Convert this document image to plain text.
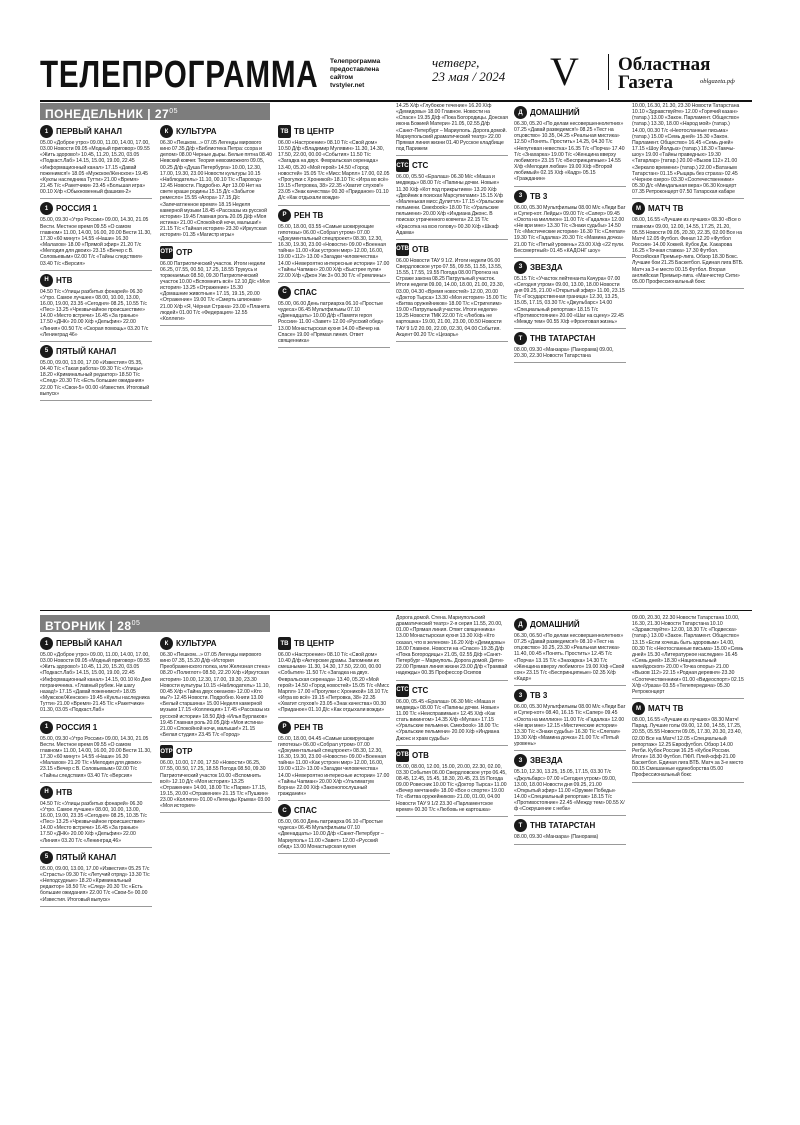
ТЕЛЕПРОГРАММА Телепрограмма
предоставлена
сайтом
tvstyler.net
четверг,
23 мая / 2024 V Областная
Газета	oblgazeta.рф
ПОНЕДЕЛЬНИК | $27^{05}$
ВТОРНИК | $28^{05}$
1 ПЕРВЫЙ КАНАЛ
05.00 «Доброе утро» 09.00, 11.00, 14.00, 17.00, 03.00 Новости 09.05 «Модный приговор» 09.55 «Жить здорово!» 10.45, 11.20, 15.20, 03.05 «Подкаст.Лаб» 14.15, 15.00, 19.00, 22.45 «Информационный канал» 17.15 «Давай поженимся!» 18.05 «Мужское/Женское» 19.45 «Куклы наследника Тутти» 21.00 «Время» 21.45 Т/с «Ракетчики» 23.45 «Большая игра» 00.10 Х/ф «Обыкновенный фашизм-2»
1 РОССИЯ 1
05.00, 09.30 «Утро России» 09.00, 14.30, 21.05 Вести. Местное время 09.55 «О самом главном» 11.00, 14.00, 16.00, 20.00 Вести 11.30, 17.30 «60 минут» 14.55 «Наши» 16.30 «Малахов» 18.00 «Прямой эфир» 21.20 Т/с «Мелодия для двоих» 23.15 «Вечер с В. Соловьевым» 02.00 Т/с «Тайны следствия» 03.40 Т/с «Версия»
Н НТВ
04.50 Т/с «Улицы разбитых фонарей» 06.30 «Утро. Самое лучшее» 08.00, 10.00, 13.00, 16.00, 19.00, 23.35 «Сегодня» 08.25, 10.55 Т/с «Пес» 13.25 «Чрезвычайное происшествие» 14.00 «Место встречи» 16.45 «За гранью» 17.50 «ДНК» 20.00 Х/ф «Дельфин» 22.00 «Линия» 00.50 Т/с «Скорая помощь» 03.20 Т/с «Ленинград 46»
5 ПЯТЫЙ КАНАЛ
05.00, 09.00, 13.00, 17.00 «Известия» 05.35, 04.40 Т/с «Такая работа» 09.30 Т/с «Улицы» 18.20 «Криминальный редактор» 18.50 Т/с «След» 20.30 Т/с «Есть большие ожидания» 22.00 Т/с «Свои-5» 00.00 «Известия. Итоговый выпуск»
К КУЛЬТУРА
06.30 «Пешком...» 07.05 Легенды мирового кино 07.35 Д/ф «Библиотека Петра: ссора и делом» 08.00 Черные дыры. Белые пятна 08.40 Невский ковчег. Теория невозможного 09.05, 00.25 Д/ф «Душа Петербурга» 10.00, 12.30, 17.00, 19.30, 23.00 Новости культуры 10.15 «Наблюдатель» 11.10, 00.10 Т/с «Пароход» 12.45 Новости. Подробно. Арт 13.00 Нет на свете краше родины 15.15 Д/с «Забытое ремесло» 15.55 «Агора» 17.15 Д/с «Запечатленное время» 18.15 Неделя камерной музыки 18.45 «Рассказы из русской истории» 19.45 Главная роль 20.05 Д/ф «Моя истина» 21.00 «Спокойной ночи, малыши!» 21.15 Т/с «Тайная история» 23.30 «Иркутская история» 01.35 «Магистр игры»
ОТР ОТР
06.00 Патриотический участок. Итоги недели 06.25, 07.55, 00.50, 17.25, 18.55 Трукусь и торжнаемых 08.50, 09.30 Патриотический участок 10.00 «Вспомнить всё» 12.10 Д/с «Моя история» 13.25 «Отражение» 15.30 «Домашние животные» 17.15, 19.15, 20.00 «Отражение» 19.00 Т/с «Смерть шпионам» 21.00 Х/ф «Я, Чёрная Страна» 23.00 «Планета людей» 01.00 Т/с «Федерация» 12.55 «Коллеги»
ТВ ТВ ЦЕНТР
06.00 «Настроение» 08.10 Т/с «Свой дом» 10.50 Д/ф «Владимир Мулявин» 11.30, 14.30, 17.50, 22.00, 00.00 «События» 11.50 Т/с «Загадка на двух. Февральская серенада» 13.40, 05.20 «Мой герой» 14.50 «Город новостей» 15.05 Т/с «Мисс Марпл» 17.00, 02.05 «Прогулки с Хроникой» 18.10 Т/с «Игра во всё» 19.15 «Петровка, 38» 22.35 «Хватит слухов!» 23.05 «Знак качества» 00.30 «Приданое» 01.10 Д/с «Как отдыхали вожди»
Р РЕН ТВ
05.00, 18.00, 03.55 «Самые шокирующие гипотезы» 06.00 «Собрал утром» 07.00 «Документальный спецпроект» 08.30, 12.30, 16.30, 19.30, 23.00 «Новости» 09.00 «Военная тайна» 11.00 «Как устроен мир» 12.00, 16.00, 19.00 «112» 13.00 «Загадки человечества» 14.00 «Невероятно интересные истории» 17.00 «Тайны Чапман» 20.00 Х/ф «Быстрее пули» 22.00 Х/ф «Джон Уик 3» 00.30 Т/с «Гремлины»
С СПАС
05.00, 06.00 День патриарха 06.10 «Простые чудеса» 06.45 Мультфильмы 07.10 «Двенадцать» 10.00 Д/ф «Памяти героя России» 11.00 «Завет» 12.00 «Русский обед» 13.00 Монастырская кухня 14.00 «Вечер на Спасе» 19.00 «Прямая линия. Ответ священника»
14.25 Х/ф «Глубокое течение» 16.20 Х/ф «Демидовы» 18.00 Главное. Новости на «Спасе» 19.35 Д/ф «Пока Богородицы. Донская икона Божией Матери» 21.05, 02.55 Д/ф «Санкт-Петербург – Мариуполь. Дорога домой. Мариупольский драматический театр» 22.00 Прямая линия жизни 01.40 Русское кладбище под Парижем
СТС СТС
06.00, 05.50 «Ералаш» 06.30 М/с «Маша и медведь» 08.00 Т/с «Папины дочки. Новые» 11.30 Х/ф «Кот под прикрытием» 13.20 Х/ф «Двойник в поисках Марсупилами» 15.15 Х/ф «Маленькая мисс Дулиттл» 17.15 «Уральские пельмени. Смехbook» 18.00 Т/с «Уральские пельмени» 20.00 Х/ф «Индиана Джонс. В поисках утраченного ковчега» 22.15 Т/с «Красотка на всю голову» 00.30 Х/ф «Шкаф Адама»
ОТВ ОТВ
06.00 Новости ТАУ 9 1/2. Итоги недели 06.00 Свердловское утро 07.55, 09.55, 11.55, 13.55, 15.55, 17.55, 19.55 Погода 08.00 Прогноз на Страже закона 08.25 Патрульный участок. Итоги недели 09.00, 14.00, 18.00, 21.00, 23.30, 03.00, 04.30 «Время новостей» 12.00, 20.00 «Доктор Тырса» 13.30 «Моя история» 15.00 Т/с «Битва оружейников» 18.00 Т/с «Стригелим» 19.00 «Патрульный участок. Итоги недели» 19.25 Новости ТМК 22.00 Т/с «Любовь не картошка» 19.00, 21.00, 23.00, 00.50 Новости ТАУ 9 1/2 20.00, 22.00, 02.30, 04.00 События. Акцент 00.20 Т/с «Цезарь»
Д ДОМАШНИЙ
06.30, 05.20 «По делам несовершеннолетних» 07.25 «Давай разведемся!» 08.25 «Тест на отцовство» 10.35, 04.25 «Реальная мистика» 12.50 «Понять. Простить» 14.25, 04.30 Т/с «Непутевая невестка» 16.35 Т/с «Порча» 17.40 Т/с «Знахарка» 19.00 Т/с «Женщина вверху любимого» 23.15 Т/с «Беспринципные» 14.55 Х/ф «Мелодия любви» 19.00 Х/ф «Второй любимый» 02.15 Х/ф «Кадр» 05.15 «Гражданин»
3 ТВ 3
06.00, 05.30 Мультфильмы 08.00 М/с «Леди Баг и Супер-кот. Лейды» 09.00 Т/с «Сапер» 09.45 «Охота на миллион» 11.00 Т/с «Гадалка» 12.00 «Не ври мне» 13.30 Т/с «Знаки судьбы» 14.50 Т/с «Мистические истории» 16.30 Т/с «Слепая» 19.30 Т/с «Гадалка» 20.30 Т/с «Мамина дочка» 21.00 Т/с «Пятый уровень» 23.00 Х/ф «22 пули. Бессмертный» 01.45 «КАДОНГ шоу»
З ЗВЕЗДА
05.15 Т/с «Участок лейтенанта Качура» 07.00 «Сегодня утром» 09.00, 13.00, 18.00 Новости дня 09.25, 21.00 «Открытый эфир» 11.00, 23.15 Т/с «Государственная граница» 12.30, 13.25, 15.05, 17.15, 03.30 Т/с «Джульбарс» 14.00 «Специальный репортаж» 18.15 Т/с «Противостояние» 20.00 «Шаг на сцену» 22.45 «Между тем» 00.55 Х/ф «Фронтовая жизнь»
Т ТНВ ТАТАРСТАН
08.00, 09.30 «Манзара» (Панорама) 09.00, 20.30, 22.30 Новости Татарстана
10.00, 16.30, 21.30, 23.30 Новости Татарстана 10.10 «Здравствуйте» 12.00 «Горячий казан» (татар.) 13.00 «Закон. Парламент. Общество» (татар.) 13.30, 18.00 «Народ мой» (татар.) 14.00, 00.30 Т/с «Неотосланные письма» (татар.) 15.00 «Семь дней» 15.30 «Закон. Парламент. Общество» 16.45 «Семь дней» 17.15 «Шоу Йолдыз» (татар.) 18.30 «Тамчы-шоу» 19.00 «Тайны праведных» 19.30 «Татарлар» (татар.) 20.00 «Вызов 112» 21.00 «Зеркало времени» (татар.) 22.00 «Ватаным Татарстан» 01.15 «Рыцарь без страха» 02.45 «Черное озеро» 03.30 «Соотечественники» 05.30 Д/с «Миндальная вера» 06.30 Концерт 07.35 Ретроконцерт 07.50 Татарская кабаре
М МАТЧ ТВ
08.00, 16.55 «Лучшие из лучших» 08.30 «Все о главном» 09.00, 12.00, 14.55, 17.25, 21.20, 05.55 Новости 09.05, 20.30, 22.35, 02.00 Все на Матч! 12.05 Футбол. Финал 12.20 «Футбол России» 14.00 Хоккей. Кубок Дж. Хакарова 16.25 «Точная ставка» 17.30 Футбол. Российская Премьер-лига. Обзор 18.30 Бокс. Лучшие бои 21.25 Баскетбол. Единая лига ВТБ. Матч за 3-е место 00.15 Футбол. Вторая английская Премьер-лига. «Манчестер Сити» 05.00 Профессиональный бокс
1 ПЕРВЫЙ КАНАЛ
05.00 «Доброе утро» 09.00, 11.00, 14.00, 17.00, 03.00 Новости 09.05 «Модный приговор» 09.55 «Жить здорово!» 10.45, 11.20, 15.20, 03.05 «Подкаст.Лаб» 14.15, 15.00, 19.00, 22.45 «Информационный канал» 14.15, 00.10 Ко Дню пограничника. «Главный рубеж. Ни шагу назад!» 17.15 «Давай поженимся!» 18.05 «Мужское/Женское» 19.45 «Куклы наследника Тутти» 21.00 «Время» 21.45 Т/с «Ракетчики» 01.30, 03.05 «Подкаст.Лаб»
1 РОССИЯ 1
05.00, 09.30 «Утро России» 09.00, 14.30, 21.05 Вести. Местное время 09.55 «О самом главном» 11.00, 14.00, 16.00, 20.00 Вести 11.30, 17.30 «60 минут» 14.55 «Наши» 16.30 «Малахов» 21.20 Т/с «Мелодия для двоих» 23.15 «Вечер с В. Соловьевым» 02.00 Т/с «Тайны следствия» 03.40 Т/с «Версия»
Н НТВ
04.50 Т/с «Улицы разбитых фонарей» 06.30 «Утро. Самое лучшее» 08.00, 10.00, 13.00, 16.00, 19.00, 23.35 «Сегодня» 08.25, 10.35 Т/с «Пес» 13.25 «Чрезвычайное происшествие» 14.00 «Место встречи» 16.45 «За гранью» 17.50 «ДНК» 20.00 Х/ф «Дельфин» 22.00 «Линия» 03.20 Т/с «Ленинград 46»
5 ПЯТЫЙ КАНАЛ
05.00, 09.00, 13.00, 17.00 «Известия» 05.25 Т/с «Страсть» 09.30 Т/с «Летучий отряд» 13.30 Т/с «Неподсудные» 18.20 «Криминальный редактор» 18.50 Т/с «След» 20.30 Т/с «Есть большие ожидания» 22.00 Т/с «Свои-5» 00.00 «Известия. Итоговый выпуск»
К КУЛЬТУРА
06.30 «Пешком...» 07.05 Легенды мирового кино 07.35, 15.20 Д/ф «История Преображенского полка, или Железная стена» 08.20 «Полиглот» 08.50, 22.20 Х/ф «Иркутская история» 10.00, 12.30, 17.00, 19.30, 23.30 Новости культуры 10.15 «Наблюдатель» 11.10, 00.45 Х/ф «Тайна двух океанов» 12.00 «Кто мы?» 12.45 Новости. Подробно. Книги 13.00 «Белый старшина» 15.00 Неделя камерной музыки 17.15 «Коллекция» 17.45 «Рассказы из русской истории» 18.50 Д/ф «Илья Бурлаков» 19.45 Главная роль 20.05 Д/ф «Моя истина» 21.00 «Спокойной ночи, малыши!» 21.15 «Белая студия» 23.45 Т/с «Город»
ОТР ОТР
06.00, 10.00, 17.00, 17.50 «Новости» 06.25, 07.55, 00.50, 17.25, 18.55 Погода 08.50, 09.30 Патриотический участок 10.00 «Вспомнить всё» 12.10 Д/с «Моя история» 13.25 «Отражение» 14.00, 18.00 Т/с «Парки» 17.15, 19.15, 20.00 «Отражение» 21.15 Т/с «Пушкин» 23.00 «Коллеги» 01.00 «Легенды Крыма» 03.00 «Моя история»
ТВ ТВ ЦЕНТР
06.00 «Настроение» 08.10 Т/с «Свой дом» 10.40 Д/ф «Актерские драмы. Запомним их смешными» 11.30, 14.30, 17.50, 22.00, 00.00 «События» 11.50 Т/с «Загадка на двух. Февральская серенада» 13.40, 05.20 «Мой герой» 14.50 «Город новостей» 15.05 Т/с «Мисс Марпл» 17.00 «Прогулки с Хроникой» 18.10 Т/с «Игра во всё» 19.15 «Петровка, 38» 22.35 «Хватит слухов!» 23.05 «Знак качества» 00.30 «Приданое» 01.10 Д/с «Как отдыхали вожди»
Р РЕН ТВ
05.00, 18.00, 04.45 «Самые шокирующие гипотезы» 06.00 «Собрал утром» 07.00 «Документальный спецпроект» 08.30, 12.30, 16.30, 19.30, 23.00 «Новости» 09.00 «Военная тайна» 11.00 «Как устроен мир» 12.00, 16.00, 19.00 «112» 13.00 «Загадки человечества» 14.00 «Невероятно интересные истории» 17.00 «Тайны Чапман» 20.00 Х/ф «Ультиматум Борна» 22.00 Х/ф «Законопослушный гражданин»
С СПАС
05.00, 06.00 День патриарха 06.10 «Простые чудеса» 06.45 Мультфильмы 07.10 «Двенадцать» 10.00 Д/ф «Санкт-Петербург – Мариуполь» 11.00 «Завет» 12.00 «Русский обед» 13.00 Монастырская кухня
Дорога домой. Стена. Мариупольский драматический театр» 2-я серия 11.55, 20.00, 01.00 «Прямая линия. Ответ священника» 13.00 Монастырская кухня 13.30 Х/ф «Кто сказал, что в зеленом» 16.20 Х/ф «Демидовы» 18.00 Главное. Новости на «Спасе» 19.35 Д/ф «Пока Богородицы» 21.05, 02.55 Д/ф «Санкт-Петербург – Мариуполь. Дорога домой. Дети» 22.00 Прямая линия жизни 23.00 Д/ф «Трамвай надежды» 00.35 Профессор Осипов
СТС СТС
06.00, 05.45 «Ералаш» 06.30 М/с «Маша и медведь» 08.00 Т/с «Папины дочки. Новые» 11.00 Т/с «Неисправимые» 12.45 Х/ф «Как стать викингом» 14.35 Х/ф «Мулан» 17.15 «Уральские пельмени. Смехbook» 18.00 Т/с «Уральские пельмени» 20.00 Х/ф «Индиана Джонс и храм судьбы»
ОТВ ОТВ
05.00, 08.00, 12.00, 15.00, 20.00, 22.30, 02.00, 03.30 События 06.00 Свердловское утро 06.45, 08.45, 12.45, 15.45, 18.30, 20.45, 23.15 Погода 09.00 Ровесник 10.00 Т/с «Доктор Тырса» 11.00 «Вечер мечтаний» 18.00 «Все о спорте» 19.00 Т/с «Битва оружейников» 21.00, 01.00, 04.00 Новости ТАУ 9 1/2 23.30 «Парламентское время» 00.30 Т/с «Любовь не картошка»
Д ДОМАШНИЙ
06.30, 06.50 «По делам несовершеннолетних» 07.25 «Давай разведемся!» 08.10 «Тест на отцовство» 10.25, 23.30 «Реальная мистика» 11.40, 00.45 «Понять. Простить» 12.45 Т/с «Порча» 13.15 Т/с «Знахарка» 14.30 Т/с «Женщина вверху любимого» 19.00 Х/ф «Свой сон» 23.15 Т/с «Беспринципные» 02.35 Х/ф «Кадр»
3 ТВ 3
06.00, 05.30 Мультфильмы 08.00 М/с «Леди Баг и Супер-кот» 08.40, 16.15 Т/с «Сапер» 09.45 «Охота на миллион» 11.00 Т/с «Гадалка» 12.00 «Не ври мне» 12.15 «Мистические истории» 13.30 Т/с «Знаки судьбы» 16.30 Т/с «Слепая» 19.30 Х/ф «Мамина дочка» 21.00 Т/с «Пятый уровень»
З ЗВЕЗДА
05.10, 12.30, 13.25, 15.05, 17.15, 03.30 Т/с «Джульбарс» 07.00 «Сегодня утром» 09.00, 13.00, 18.00 Новости дня 09.25, 21.00 «Открытый эфир» 11.00 «Оружие Победы» 14.00 «Специальный репортаж» 18.15 Т/с «Противостояние» 22.45 «Между тем» 00.55 Х/ф «Сокрушение с неба»
Т ТНВ ТАТАРСТАН
08.00, 09.30 «Манзара» (Панорама)
09.00, 20.30, 22.30 Новости Татарстана 10.00, 16.30, 21.30 Новости Татарстана 10.10 «Здравствуйте» 12.00, 18.30 Т/с «Подвеска» (татар.) 13.00 «Закон. Парламент. Общество» 13.15 «Если хочешь быть здоровым» 14.00, 00.30 Т/с «Неотосланные письма» 15.00 «Семь дней» 15.30 «Литературное наследие» 16.45 «Семь дней» 18.30 «Национальный калейдоскоп» 20.00 «Точка опоры» 21.00 «Вызов 112» 22.15 «Родная деревня» 23.30 «Соотечественники» 01.00 «Видеоспорт» 02.15 Х/ф «Ураза» 03.55 «Телепередача» 05.30 Ретроконцерт
М МАТЧ ТВ
08.00, 16.55 «Лучшие из лучших» 08.30 Матч! Парад. Лучшие голы 09.00, 12.00, 14.55, 17.25, 20.55, 05.55 Новости 09.05, 17.30, 20.30, 23.40, 02.00 Все на Матч! 12.05 «Специальный репортаж» 12.25 Еврофутбол. Обзор 14.00 Регби. Кубок России 16.25 «Кубок России. Итоги» 18.30 Футбол. ПФЛ. Плей-офф 21.00 Баскетбол. Единая лига ВТБ. Матч за 3-е место 00.15 Смешанные единоборства 05.00 Профессиональный бокс
